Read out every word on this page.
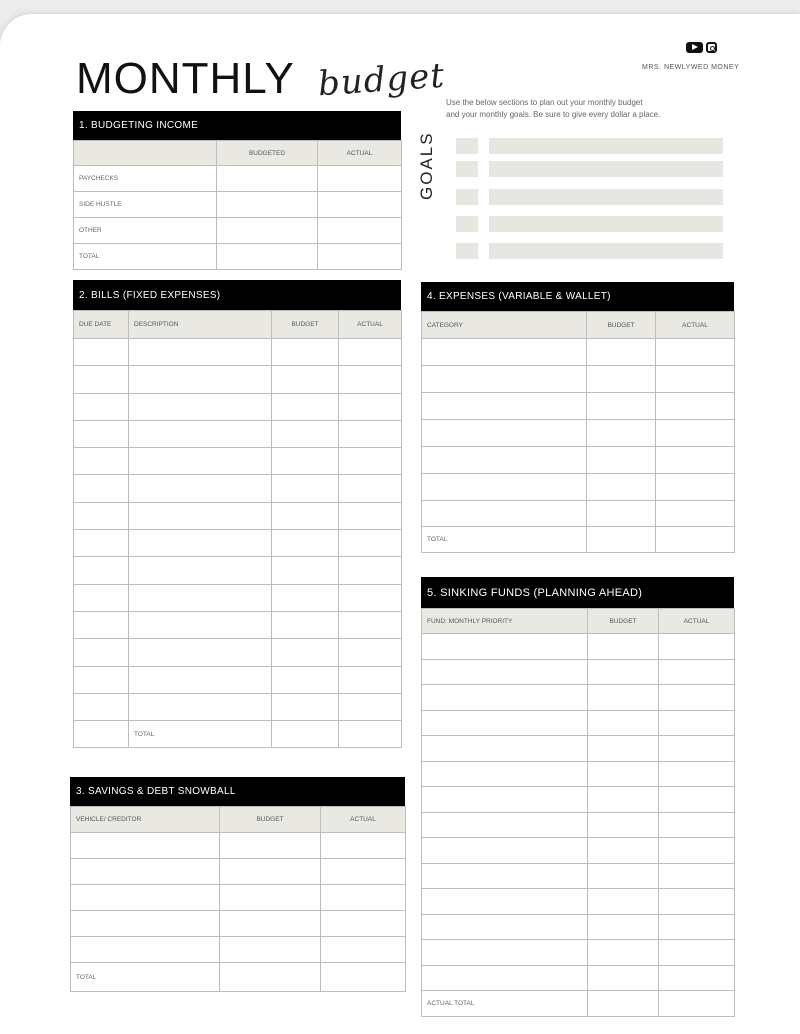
MONTHLY budget	MRS. NEWLYWED MONEY
Use the below sections to plan out your monthly budget
and your monthly goals. Be sure to give every dollar a place.
GOALS
1. BUDGETING INCOME
2. BILLS (FIXED EXPENSES)
3. SAVINGS & DEBT SNOWBALL
4. EXPENSES (VARIABLE & WALLET)
5. SINKING FUNDS (PLANNING AHEAD)
	BUDGETED	ACTUAL
PAYCHECKS		
SIDE HUSTLE		
OTHER		
TOTAL		
DUE DATE	DESCRIPTION	BUDGET	ACTUAL

	TOTAL		
VEHICLE/ CREDITOR	BUDGET	ACTUAL

TOTAL		
CATEGORY	BUDGET	ACTUAL

TOTAL		
FUND: MONTHLY PRIORITY	BUDGET	ACTUAL

ACTUAL TOTAL		
